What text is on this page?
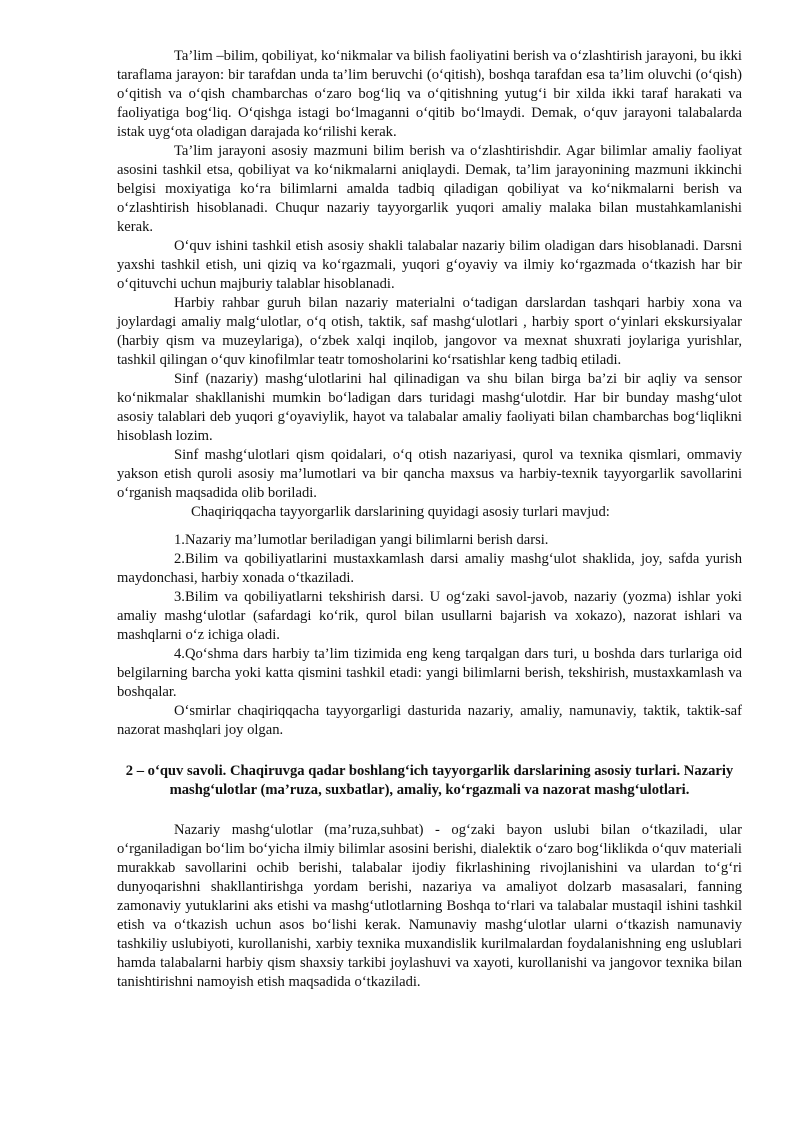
Ta’lim –bilim, qobiliyat, ko‘nikmalar va bilish faoliyatini berish va o‘zlashtirish jarayoni, bu ikki taraflama jarayon: bir tarafdan unda ta’lim beruvchi (o‘qitish), boshqa tarafdan esa ta’lim oluvchi (o‘qish) o‘qitish va o‘qish chambarchas o‘zaro bog‘liq va o‘qitishning yutug‘i bir xilda ikki taraf harakati va faoliyatiga bog‘liq. O‘qishga istagi bo‘lmaganni o‘qitib bo‘lmaydi. Demak, o‘quv jarayoni talabalarda istak uyg‘ota oladigan darajada ko‘rilishi kerak.

Ta’lim jarayoni asosiy mazmuni bilim berish va o‘zlashtirishdir. Agar bilimlar amaliy faoliyat asosini tashkil etsa, qobiliyat va ko‘nikmalarni aniqlaydi. Demak, ta’lim jarayonining mazmuni ikkinchi belgisi moxiyatiga ko‘ra bilimlarni amalda tadbiq qiladigan qobiliyat va ko‘nikmalarni berish va o‘zlashtirish hisoblanadi. Chuqur nazariy tayyorgarlik yuqori amaliy malaka bilan mustahkamlanishi kerak.

O‘quv ishini tashkil etish asosiy shakli talabalar nazariy bilim oladigan dars hisoblanadi. Darsni yaxshi tashkil etish, uni qiziq va ko‘rgazmali, yuqori g‘oyaviy va ilmiy ko‘rgazmada o‘tkazish har bir o‘qituvchi uchun majburiy talablar hisoblanadi.

Harbiy rahbar guruh bilan nazariy materialni o‘tadigan darslardan tashqari harbiy xona va joylardagi amaliy malg‘ulotlar, o‘q otish, taktik, saf mashg‘ulotlari , harbiy sport o‘yinlari ekskursiyalar (harbiy qism va muzeylariga), o‘zbek xalqi inqilob, jangovor va mexnat shuxrati joylariga yurishlar, tashkil qilingan oʻquv kinofilmlar teatr tomosholarini ko‘rsatishlar keng tadbiq etiladi.

Sinf (nazariy) mashg‘ulotlarini hal qilinadigan va shu bilan birga ba’zi bir aqliy va sensor ko‘nikmalar shakllanishi mumkin bo‘ladigan dars turidagi mashg‘ulotdir. Har bir bunday mashg‘ulot asosiy talablari deb yuqori g‘oyaviylik, hayot va talabalar amaliy faoliyati bilan chambarchas bog‘liqlikni hisoblash lozim.

Sinf mashg‘ulotlari qism qoidalari, o‘q otish nazariyasi, qurol va texnika qismlari, ommaviy yakson etish quroli asosiy ma’lumotlari va bir qancha maxsus va harbiy-texnik tayyorgarlik savollarini o‘rganish maqsadida olib boriladi.

Chaqiriqqacha tayyorgarlik darslarining quyidagi asosiy turlari mavjud:

1.Nazariy ma’lumotlar beriladigan yangi bilimlarni berish darsi.

2.Bilim va qobiliyatlarini mustaxkamlash darsi amaliy mashg‘ulot shaklida, joy, safda yurish maydonchasi, harbiy xonada o‘tkaziladi.

3.Bilim va qobiliyatlarni tekshirish darsi. U og‘zaki savol-javob, nazariy (yozma) ishlar yoki amaliy mashg‘ulotlar (safardagi ko‘rik, qurol bilan usullarni bajarish va xokazo), nazorat ishlari va mashqlarni o‘z ichiga oladi.

4.Qo‘shma dars harbiy ta’lim tizimida eng keng tarqalgan dars turi, u boshda dars turlariga oid belgilarning barcha yoki katta qismini tashkil etadi: yangi bilimlarni berish, tekshirish, mustaxkamlash va boshqalar.

O‘smirlar chaqiriqqacha tayyorgarligi dasturida nazariy, amaliy, namunaviy, taktik, taktik-saf nazorat mashqlari joy olgan.

2 – o‘quv savoli. Chaqiruvga qadar boshlang‘ich tayyorgarlik darslarining asosiy turlari. Nazariy mashg‘ulotlar (ma’ruza, suxbatlar), amaliy, ko‘rgazmali va nazorat mashg‘ulotlari.

Nazariy mashg‘ulotlar (ma’ruza,suhbat) - og‘zaki bayon uslubi bilan o‘tkaziladi, ular o‘rganiladigan bo‘lim bo‘yicha ilmiy bilimlar asosini berishi, dialektik o‘zaro bog‘liklikda o‘quv materiali murakkab savollarini ochib berishi, talabalar ijodiy fikrlashining rivojlanishini va ulardan to‘g‘ri dunyoqarishni shakllantirishga yordam berishi, nazariya va amaliyot dolzarb masasalari, fanning zamonaviy yutuklarini aks etishi va mashg‘utlotlarning Boshqa to‘rlari va talabalar mustaqil ishini tashkil etish va o‘tkazish uchun asos bo‘lishi kerak. Namunaviy mashg‘ulotlar ularni o‘tkazish namunaviy tashkiliy uslubiyoti, kurollanishi, xarbiy texnika muxandislik kurilmalardan foydalanishning eng uslublari hamda talabalarni harbiy qism shaxsiy tarkibi joylashuvi va xayoti, kurollanishi va jangovor texnika bilan tanishtirishni namoyish etish maqsadida o‘tkaziladi.
